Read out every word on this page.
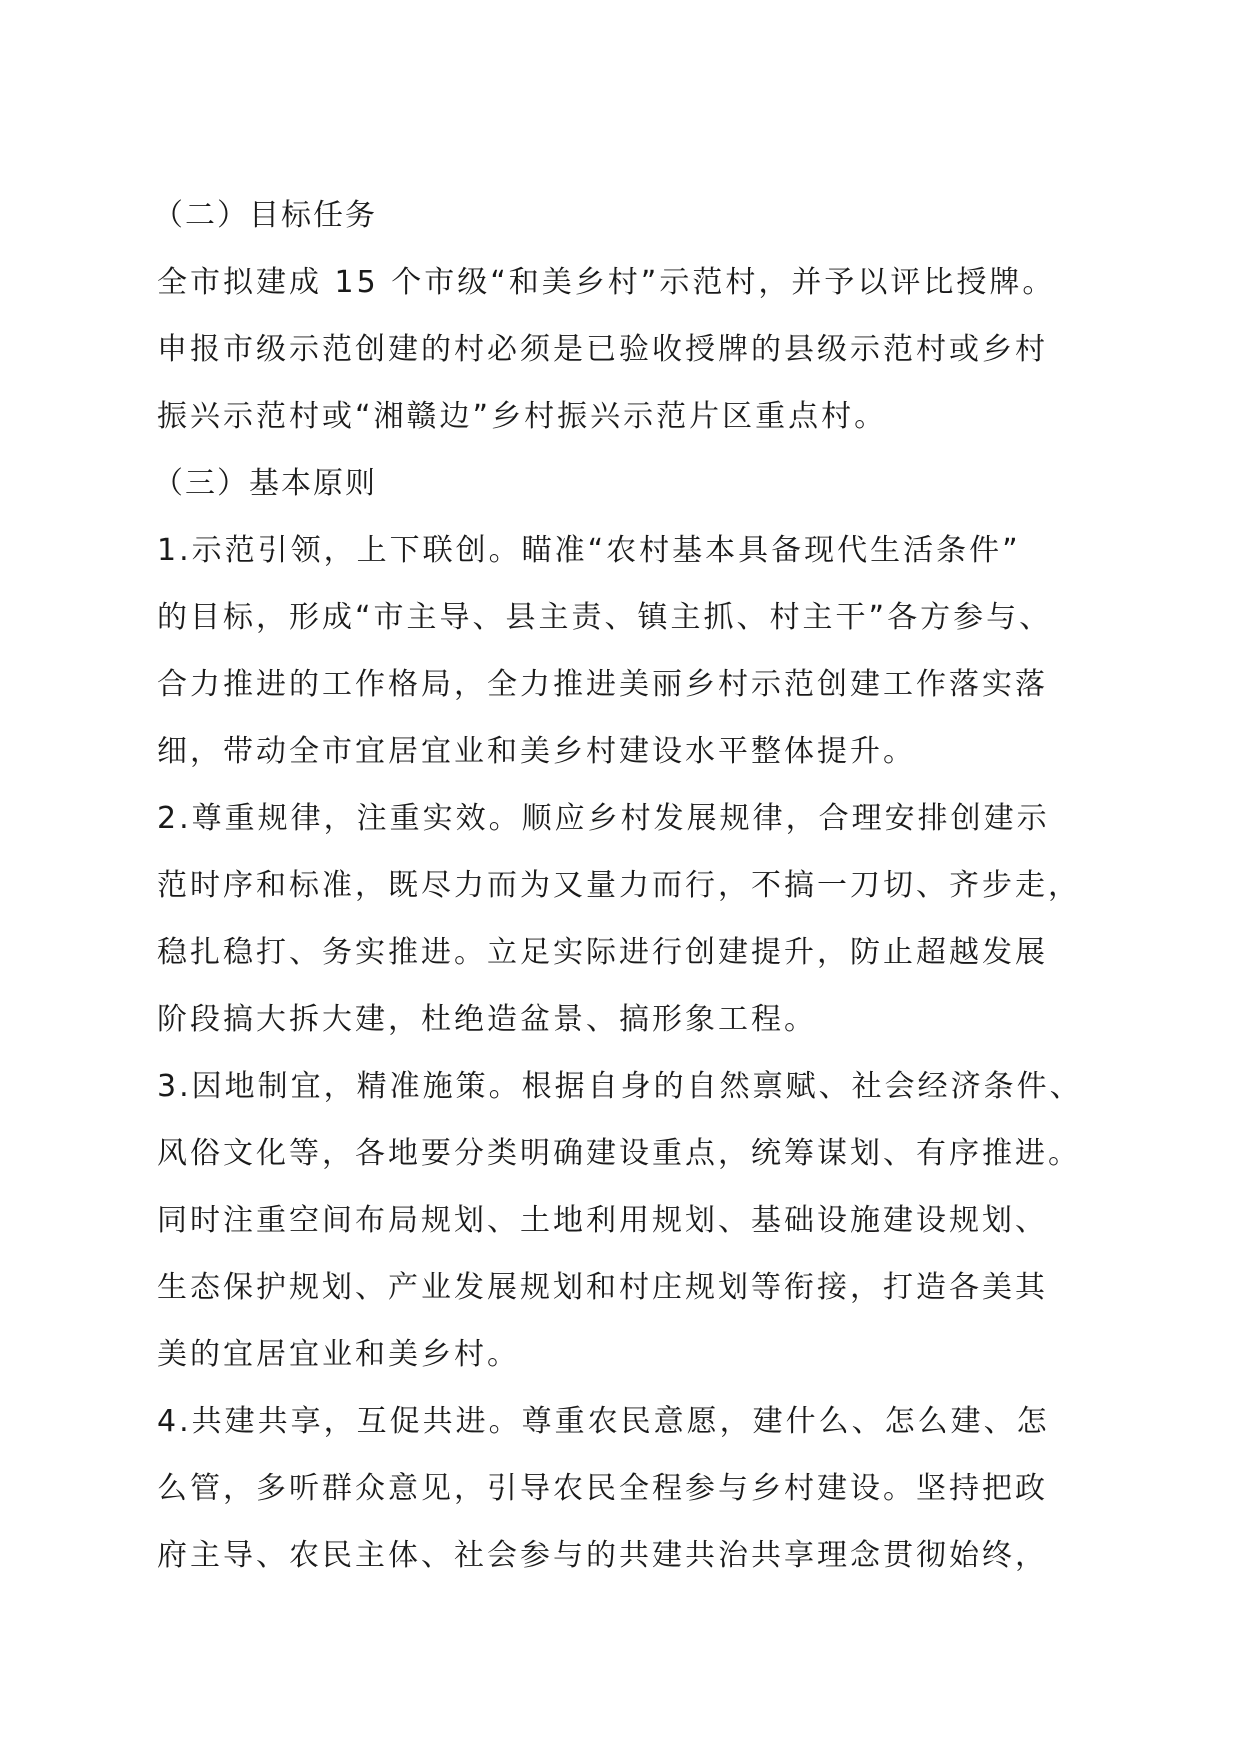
（二）目标任务
全市拟建成 15 个市级“和美乡村”示范村，并予以评比授牌。
申报市级示范创建的村必须是已验收授牌的县级示范村或乡村
振兴示范村或“湘赣边”乡村振兴示范片区重点村。
（三）基本原则
1.示范引领，上下联创。瞄准“农村基本具备现代生活条件”
的目标，形成“市主导、县主责、镇主抓、村主干”各方参与、
合力推进的工作格局，全力推进美丽乡村示范创建工作落实落
细，带动全市宜居宜业和美乡村建设水平整体提升。
2.尊重规律，注重实效。顺应乡村发展规律，合理安排创建示
范时序和标准，既尽力而为又量力而行，不搞一刀切、齐步走，
稳扎稳打、务实推进。立足实际进行创建提升，防止超越发展
阶段搞大拆大建，杜绝造盆景、搞形象工程。
3.因地制宜，精准施策。根据自身的自然禀赋、社会经济条件、
风俗文化等，各地要分类明确建设重点，统筹谋划、有序推进。
同时注重空间布局规划、土地利用规划、基础设施建设规划、
生态保护规划、产业发展规划和村庄规划等衔接，打造各美其
美的宜居宜业和美乡村。
4.共建共享，互促共进。尊重农民意愿，建什么、怎么建、怎
么管，多听群众意见，引导农民全程参与乡村建设。坚持把政
府主导、农民主体、社会参与的共建共治共享理念贯彻始终，
